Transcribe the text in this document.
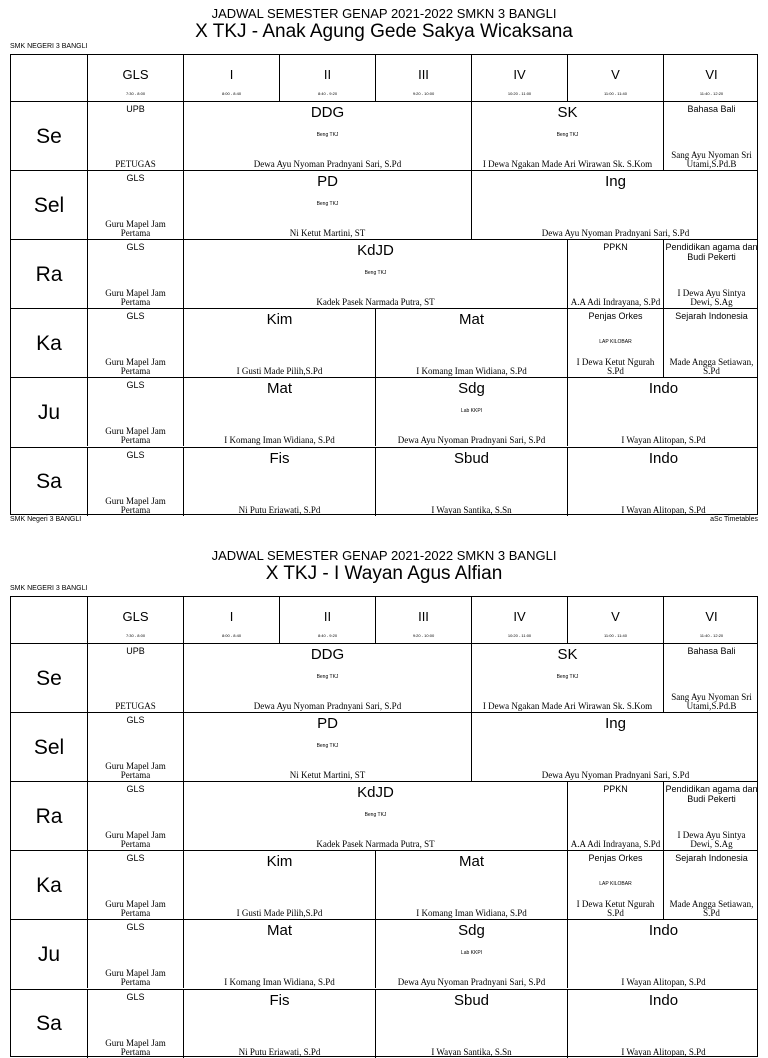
JADWAL SEMESTER GENAP 2021-2022 SMKN 3 BANGLI
X TKJ - Anak Agung Gede Sakya Wicaksana
SMK NEGERI 3 BANGLI
GLS
7:30 - 8:00
I
8:00 - 8:40
II
8:40 - 9:20
III
9:20 - 10:00
IV
10:20 - 11:00
V
11:00 - 11:40
VI
11:40 - 12:20
Se
UPB
PETUGAS
DDG
Beng TKJ
Dewa Ayu Nyoman Pradnyani Sari, S.Pd
SK
Beng TKJ
I Dewa Ngakan Made Ari Wirawan Sk. S.Kom
Bahasa Bali
Sang Ayu Nyoman Sri Utami,S.Pd.B
Sel
GLS
Guru Mapel Jam Pertama
PD
Beng TKJ
Ni Ketut Martini, ST
Ing
Dewa Ayu Nyoman Pradnyani Sari, S.Pd
Ra
GLS
Guru Mapel Jam Pertama
KdJD
Beng TKJ
Kadek Pasek Narmada Putra, ST
PPKN
A.A Adi Indrayana, S.Pd
Pendidikan agama dan Budi Pekerti
I Dewa Ayu Sintya Dewi, S.Ag
Ka
GLS
Guru Mapel Jam Pertama
Kim
I Gusti Made Pilih,S.Pd
Mat
I Komang Iman Widiana, S.Pd
Penjas Orkes
LAP KILOBAR
I Dewa Ketut Ngurah S.Pd
Sejarah Indonesia
Made Angga Setiawan, S.Pd
Ju
GLS
Guru Mapel Jam Pertama
Mat
I Komang Iman Widiana, S.Pd
Sdg
Lab KKPI
Dewa Ayu Nyoman Pradnyani Sari, S.Pd
Indo
I Wayan Alitopan, S.Pd
Sa
GLS
Guru Mapel Jam Pertama
Fis
Ni Putu Eriawati, S.Pd
Sbud
I Wayan Santika, S.Sn
Indo
I Wayan Alitopan, S.Pd
SMK Negeri 3 BANGLI	aSc Timetables
JADWAL SEMESTER GENAP 2021-2022 SMKN 3 BANGLI
X TKJ - I Wayan Agus Alfian
SMK NEGERI 3 BANGLI
GLS
7:30 - 8:00
I
8:00 - 8:40
II
8:40 - 9:20
III
9:20 - 10:00
IV
10:20 - 11:00
V
11:00 - 11:40
VI
11:40 - 12:20
Se
UPB
PETUGAS
DDG
Beng TKJ
Dewa Ayu Nyoman Pradnyani Sari, S.Pd
SK
Beng TKJ
I Dewa Ngakan Made Ari Wirawan Sk. S.Kom
Bahasa Bali
Sang Ayu Nyoman Sri Utami,S.Pd.B
Sel
GLS
Guru Mapel Jam Pertama
PD
Beng TKJ
Ni Ketut Martini, ST
Ing
Dewa Ayu Nyoman Pradnyani Sari, S.Pd
Ra
GLS
Guru Mapel Jam Pertama
KdJD
Beng TKJ
Kadek Pasek Narmada Putra, ST
PPKN
A.A Adi Indrayana, S.Pd
Pendidikan agama dan Budi Pekerti
I Dewa Ayu Sintya Dewi, S.Ag
Ka
GLS
Guru Mapel Jam Pertama
Kim
I Gusti Made Pilih,S.Pd
Mat
I Komang Iman Widiana, S.Pd
Penjas Orkes
LAP KILOBAR
I Dewa Ketut Ngurah S.Pd
Sejarah Indonesia
Made Angga Setiawan, S.Pd
Ju
GLS
Guru Mapel Jam Pertama
Mat
I Komang Iman Widiana, S.Pd
Sdg
Lab KKPI
Dewa Ayu Nyoman Pradnyani Sari, S.Pd
Indo
I Wayan Alitopan, S.Pd
Sa
GLS
Guru Mapel Jam Pertama
Fis
Ni Putu Eriawati, S.Pd
Sbud
I Wayan Santika, S.Sn
Indo
I Wayan Alitopan, S.Pd
